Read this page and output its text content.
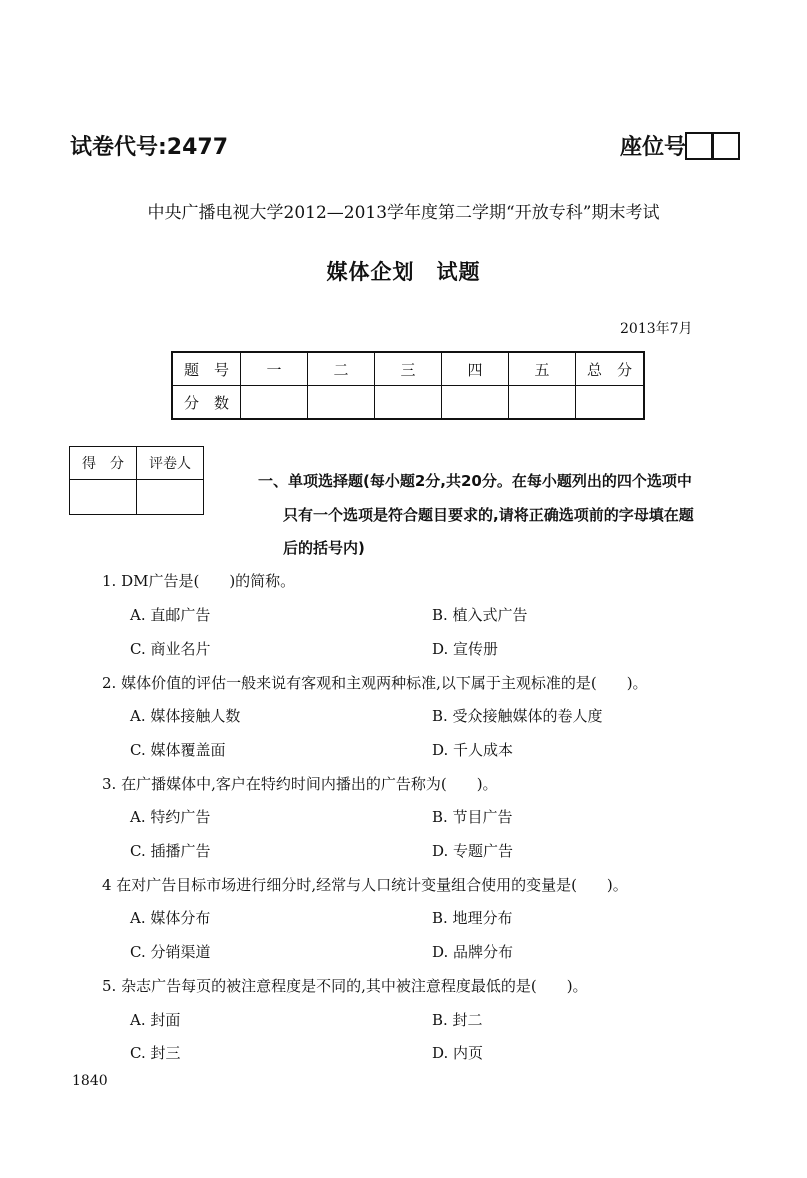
试卷代号:2477	座位号
中央广播电视大学2012—2013学年度第二学期“开放专科”期末考试
媒体企划　试题
2013年7月
题　号	一	二	三	四	五	总　分
分　数						
得　分	评卷人

一、单项选择题(每小题2分,共20分。在每小题列出的四个选项中
只有一个选项是符合题目要求的,请将正确选项前的字母填在题
后的括号内)
1. DM广告是(　　)的简称。
A. 直邮广告	B. 植入式广告
C. 商业名片	D. 宣传册
2. 媒体价值的评估一般来说有客观和主观两种标准,以下属于主观标准的是(　　)。
A. 媒体接触人数	B. 受众接触媒体的卷人度
C. 媒体覆盖面	D. 千人成本
3. 在广播媒体中,客户在特约时间内播出的广告称为(　　)。
A. 特约广告	B. 节目广告
C. 插播广告	D. 专题广告
4 在对广告目标市场进行细分时,经常与人口统计变量组合使用的变量是(　　)。
A. 媒体分布	B. 地理分布
C. 分销渠道	D. 品牌分布
5. 杂志广告每页的被注意程度是不同的,其中被注意程度最低的是(　　)。
A. 封面	B. 封二
C. 封三	D. 内页
1840
